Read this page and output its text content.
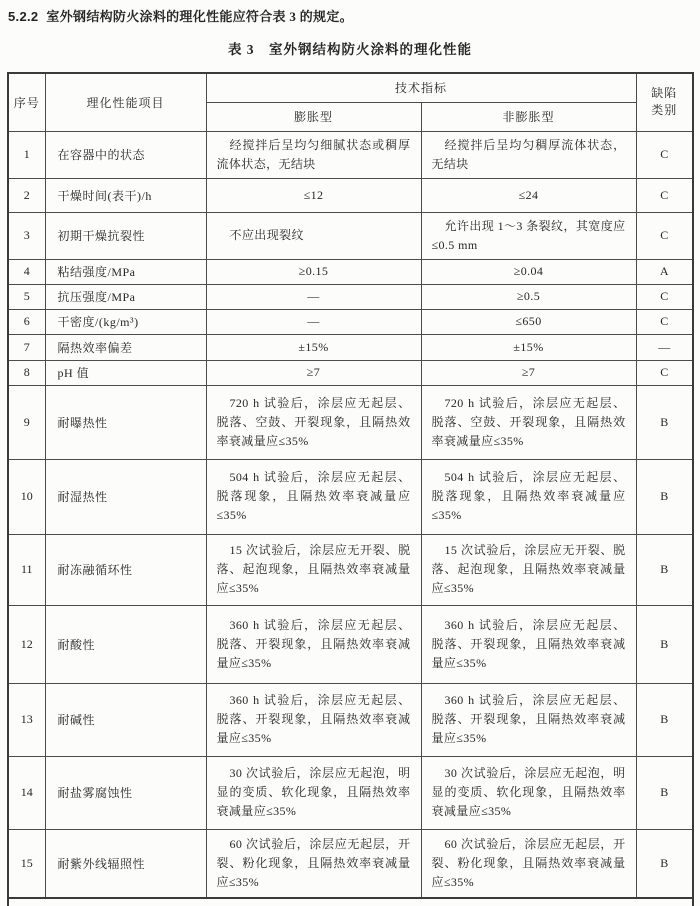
5.2.2 室外钢结构防火涂料的理化性能应符合表 3 的规定。
表 3　室外钢结构防火涂料的理化性能
序号	理化性能项目	技术指标		缺陷
类别

		膨胀型	非膨胀型	
1	在容器中的状态	经搅拌后呈均匀细腻状态或稠厚流体状态，无结块	经搅拌后呈均匀稠厚流体状态，无结块	C
2	干燥时间(表干)/h	≤12	≤24	C
3	初期干燥抗裂性	不应出现裂纹	允许出现 1～3 条裂纹，其宽度应≤0.5 mm	C
4	粘结强度/MPa	≥0.15	≥0.04	A
5	抗压强度/MPa	—	≥0.5	C
6	干密度/(kg/m³)	—	≤650	C
7	隔热效率偏差	±15%	±15%	—
8	pH 值	≥7	≥7	C
9	耐曝热性	720 h 试验后，涂层应无起层、脱落、空鼓、开裂现象，且隔热效率衰减量应≤35%	720 h 试验后，涂层应无起层、脱落、空鼓、开裂现象，且隔热效率衰减量应≤35%	B
10	耐湿热性	504 h 试验后，涂层应无起层、脱落现象，且隔热效率衰减量应≤35%	504 h 试验后，涂层应无起层、脱落现象，且隔热效率衰减量应≤35%	B
11	耐冻融循环性	15 次试验后，涂层应无开裂、脱落、起泡现象，且隔热效率衰减量应≤35%	15 次试验后，涂层应无开裂、脱落、起泡现象，且隔热效率衰减量应≤35%	B
12	耐酸性	360 h 试验后，涂层应无起层、脱落、开裂现象，且隔热效率衰减量应≤35%	360 h 试验后，涂层应无起层、脱落、开裂现象，且隔热效率衰减量应≤35%	B
13	耐碱性	360 h 试验后，涂层应无起层、脱落、开裂现象，且隔热效率衰减量应≤35%	360 h 试验后，涂层应无起层、脱落、开裂现象，且隔热效率衰减量应≤35%	B
14	耐盐雾腐蚀性	30 次试验后，涂层应无起泡，明显的变质、软化现象，且隔热效率衰减量应≤35%	30 次试验后，涂层应无起泡，明显的变质、软化现象，且隔热效率衰减量应≤35%	B
15	耐紫外线辐照性	60 次试验后，涂层应无起层，开裂、粉化现象，且隔热效率衰减量应≤35%	60 次试验后，涂层应无起层，开裂、粉化现象，且隔热效率衰减量应≤35%	B
